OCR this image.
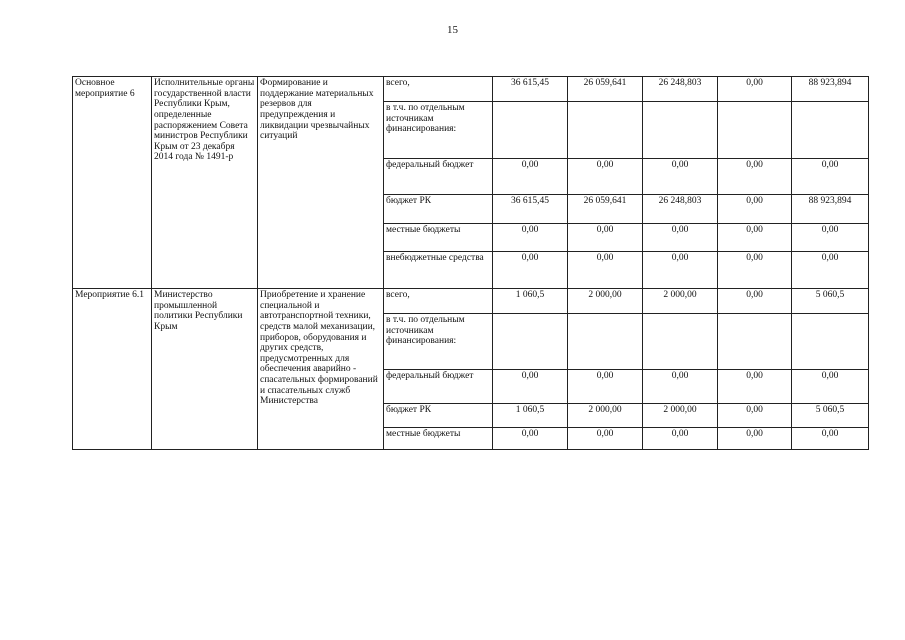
15
Основное мероприятие 6	Исполнительные органы государственной власти Республики Крым, определенные распоряжением Совета министров Республики Крым от 23 декабря 2014 года № 1491-р	Формирование и поддержание материальных резервов для предупреждения и ликвидации чрезвычайных ситуаций	всего,	36 615,45	26 059,641	26 248,803	0,00	88 923,894
			в т.ч. по отдельным источникам финансирования:					
			федеральный бюджет	0,00	0,00	0,00	0,00	0,00
			бюджет РК	36 615,45	26 059,641	26 248,803	0,00	88 923,894
			местные бюджеты	0,00	0,00	0,00	0,00	0,00
			внебюджетные средства	0,00	0,00	0,00	0,00	0,00
Мероприятие 6.1	Министерство промышленной политики Республики Крым	Приобретение и хранение специальной и автотранспортной техники, средств малой механизации, приборов, оборудования и других средств, предусмотренных для обеспечения аварийно - спасательных формирований и спасательных служб Министерства	всего,	1 060,5	2 000,00	2 000,00	0,00	5 060,5
			в т.ч. по отдельным источникам финансирования:					
			федеральный бюджет	0,00	0,00	0,00	0,00	0,00
			бюджет РК	1 060,5	2 000,00	2 000,00	0,00	5 060,5
			местные бюджеты	0,00	0,00	0,00	0,00	0,00
